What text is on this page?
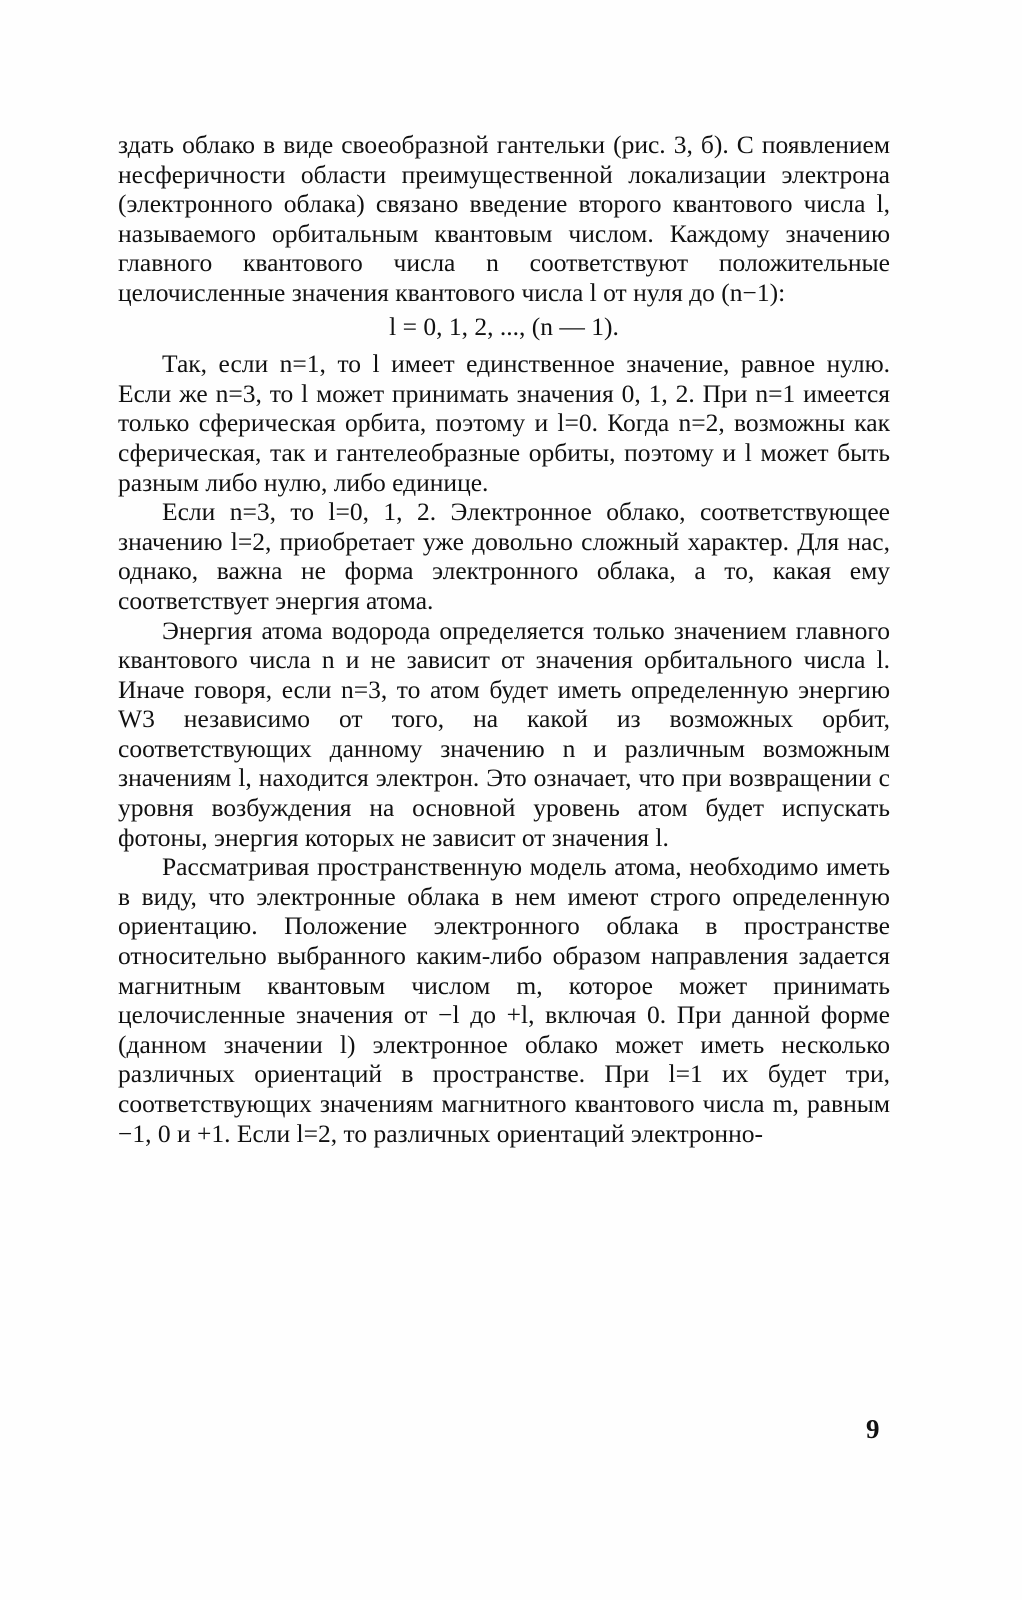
здать облако в виде своеобразной гантельки (рис. 3, б). С появлением несферичности области преимущественной локализации электрона (электронного облака) связано введение второго квантового числа l, называемого орбитальным квантовым числом. Каждому значению главного квантового числа n соответствуют положительные целочисленные значения квантового числа l от нуля до (n−1):

l = 0, 1, 2, ..., (n — 1).

Так, если n=1, то l имеет единственное значение, равное нулю. Если же n=3, то l может принимать значения 0, 1, 2. При n=1 имеется только сферическая орбита, поэтому и l=0. Когда n=2, возможны как сферическая, так и гантелеобразные орбиты, поэтому и l может быть разным либо нулю, либо единице.

Если n=3, то l=0, 1, 2. Электронное облако, соответствующее значению l=2, приобретает уже довольно сложный характер. Для нас, однако, важна не форма электронного облака, а то, какая ему соответствует энергия атома.

Энергия атома водорода определяется только значением главного квантового числа n и не зависит от значения орбитального числа l. Иначе говоря, если n=3, то атом будет иметь определенную энергию W3 независимо от того, на какой из возможных орбит, соответствующих данному значению n и различным возможным значениям l, находится электрон. Это означает, что при возвращении с уровня возбуждения на основной уровень атом будет испускать фотоны, энергия которых не зависит от значения l.

Рассматривая пространственную модель атома, необходимо иметь в виду, что электронные облака в нем имеют строго определенную ориентацию. Положение электронного облака в пространстве относительно выбранного каким-либо образом направления задается магнитным квантовым числом m, которое может принимать целочисленные значения от −l до +l, включая 0. При данной форме (данном значении l) электронное облако может иметь несколько различных ориентаций в пространстве. При l=1 их будет три, соответствующих значениям магнитного квантового числа m, равным −1, 0 и +1. Если l=2, то различных ориентаций электронно-

9
